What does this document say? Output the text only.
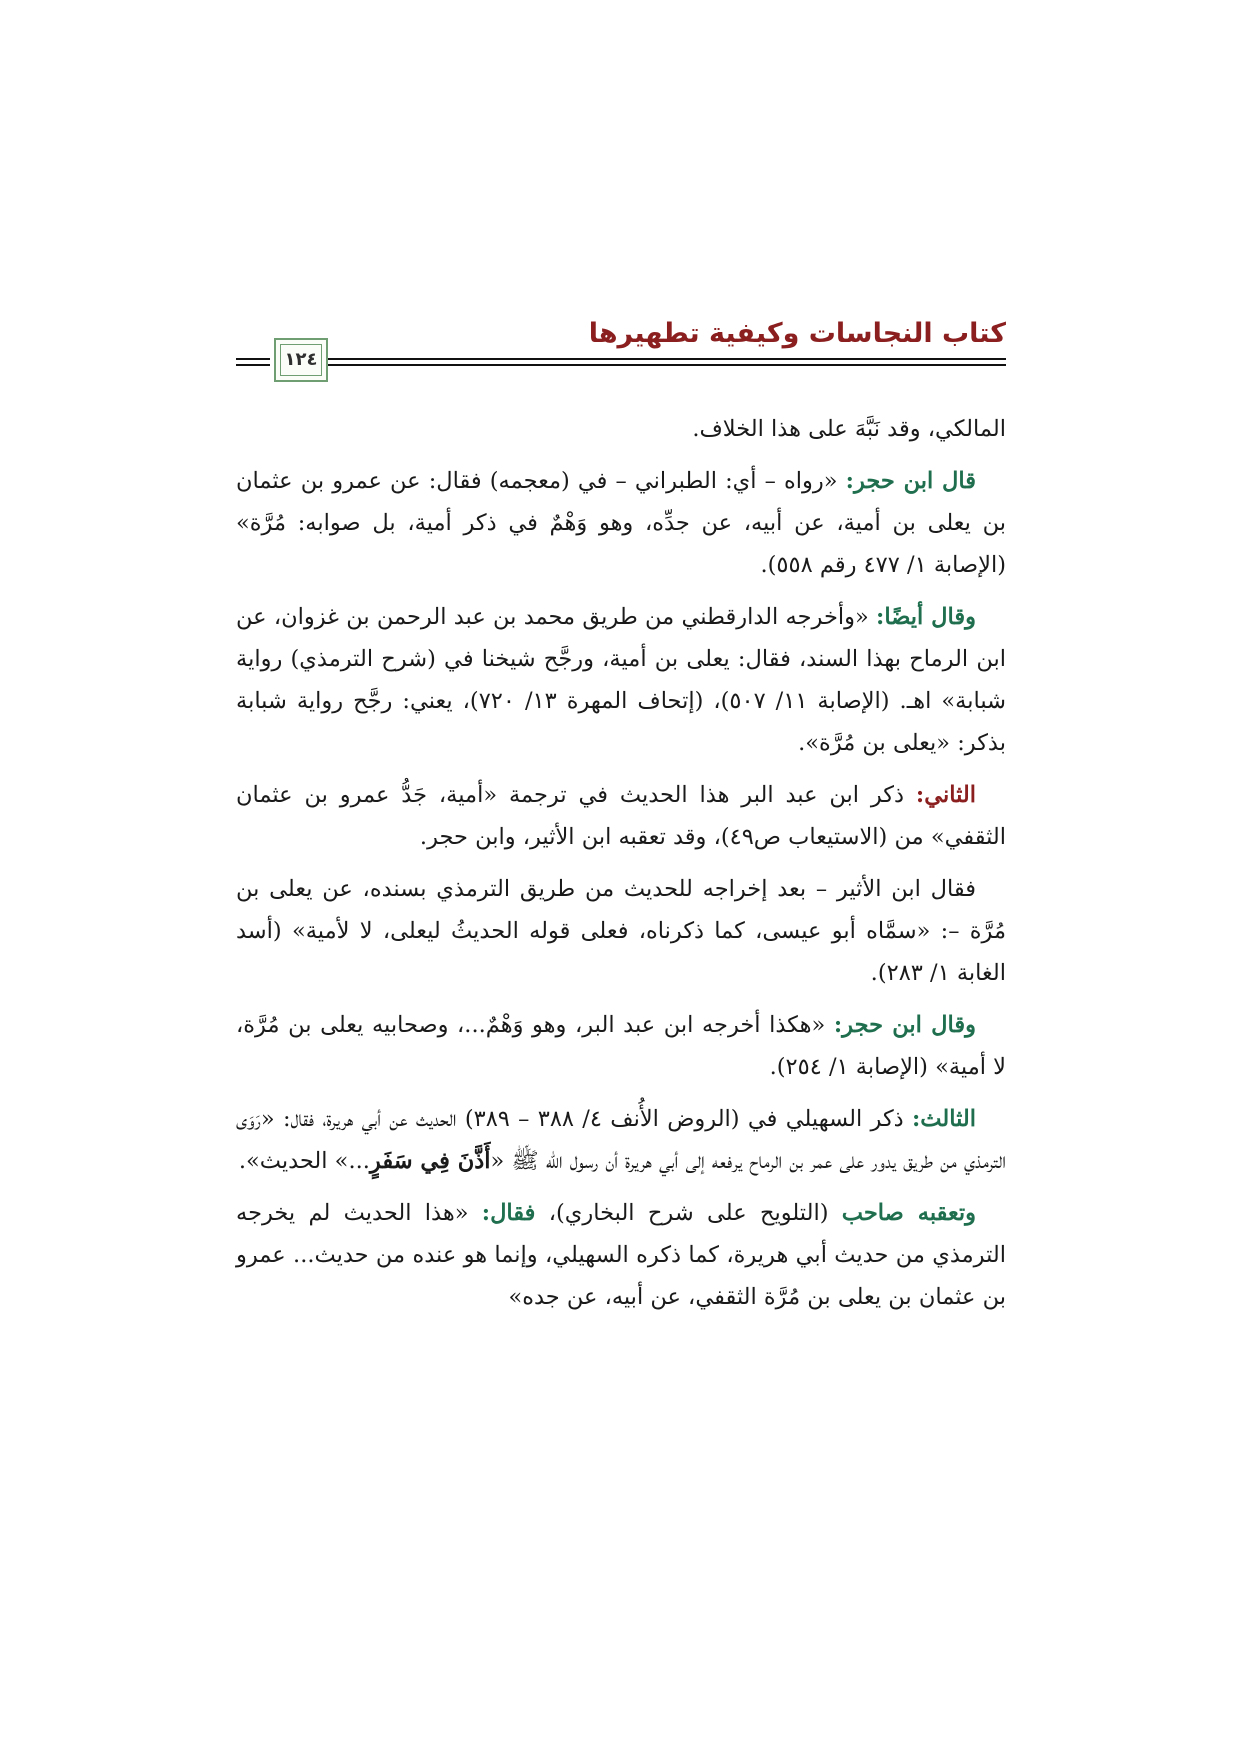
كتاب النجاسات وكيفية تطهيرها
١٢٤

المالكي، وقد نَبَّهَ على هذا الخلاف.

قال ابن حجر: «رواه – أي: الطبراني – في (معجمه) فقال: عن عمرو بن عثمان بن يعلى بن أمية، عن أبيه، عن جدِّه، وهو وَهْمٌ في ذكر أمية، بل صوابه: مُرَّة» (الإصابة ١/ ٤٧٧ رقم ٥٥٨).

وقال أيضًا: «وأخرجه الدارقطني من طريق محمد بن عبد الرحمن بن غزوان، عن ابن الرماح بهذا السند، فقال: يعلى بن أمية، ورجَّح شيخنا في (شرح الترمذي) رواية شبابة» اهـ. (الإصابة ١١/ ٥٠٧)، (إتحاف المهرة ١٣/ ٧٢٠)، يعني: رجَّح رواية شبابة بذكر: «يعلى بن مُرَّة».

الثاني: ذكر ابن عبد البر هذا الحديث في ترجمة «أمية، جَدُّ عمرو بن عثمان الثقفي» من (الاستيعاب ص٤٩)، وقد تعقبه ابن الأثير، وابن حجر.

فقال ابن الأثير – بعد إخراجه للحديث من طريق الترمذي بسنده، عن يعلى بن مُرَّة –: «سمَّاه أبو عيسى، كما ذكرناه، فعلى قوله الحديثُ ليعلى، لا لأمية» (أسد الغابة ١/ ٢٨٣).

وقال ابن حجر: «هكذا أخرجه ابن عبد البر، وهو وَهْمٌ...، وصحابيه يعلى بن مُرَّة، لا أمية» (الإصابة ١/ ٢٥٤).

الثالث: ذكر السهيلي في (الروض الأُنف ٤/ ٣٨٨ – ٣٨٩) الحديث عن أبي هريرة، فقال: «رَوَى الترمذي من طريق يدور على عمر بن الرماح يرفعه إلى أبي هريرة أن رسول الله ﷺ «أَذَّنَ فِي سَفَرٍ...» الحديث».

وتعقبه صاحب (التلويح على شرح البخاري)، فقال: «هذا الحديث لم يخرجه الترمذي من حديث أبي هريرة، كما ذكره السهيلي، وإنما هو عنده من حديث... عمرو بن عثمان بن يعلى بن مُرَّة الثقفي، عن أبيه، عن جده»
